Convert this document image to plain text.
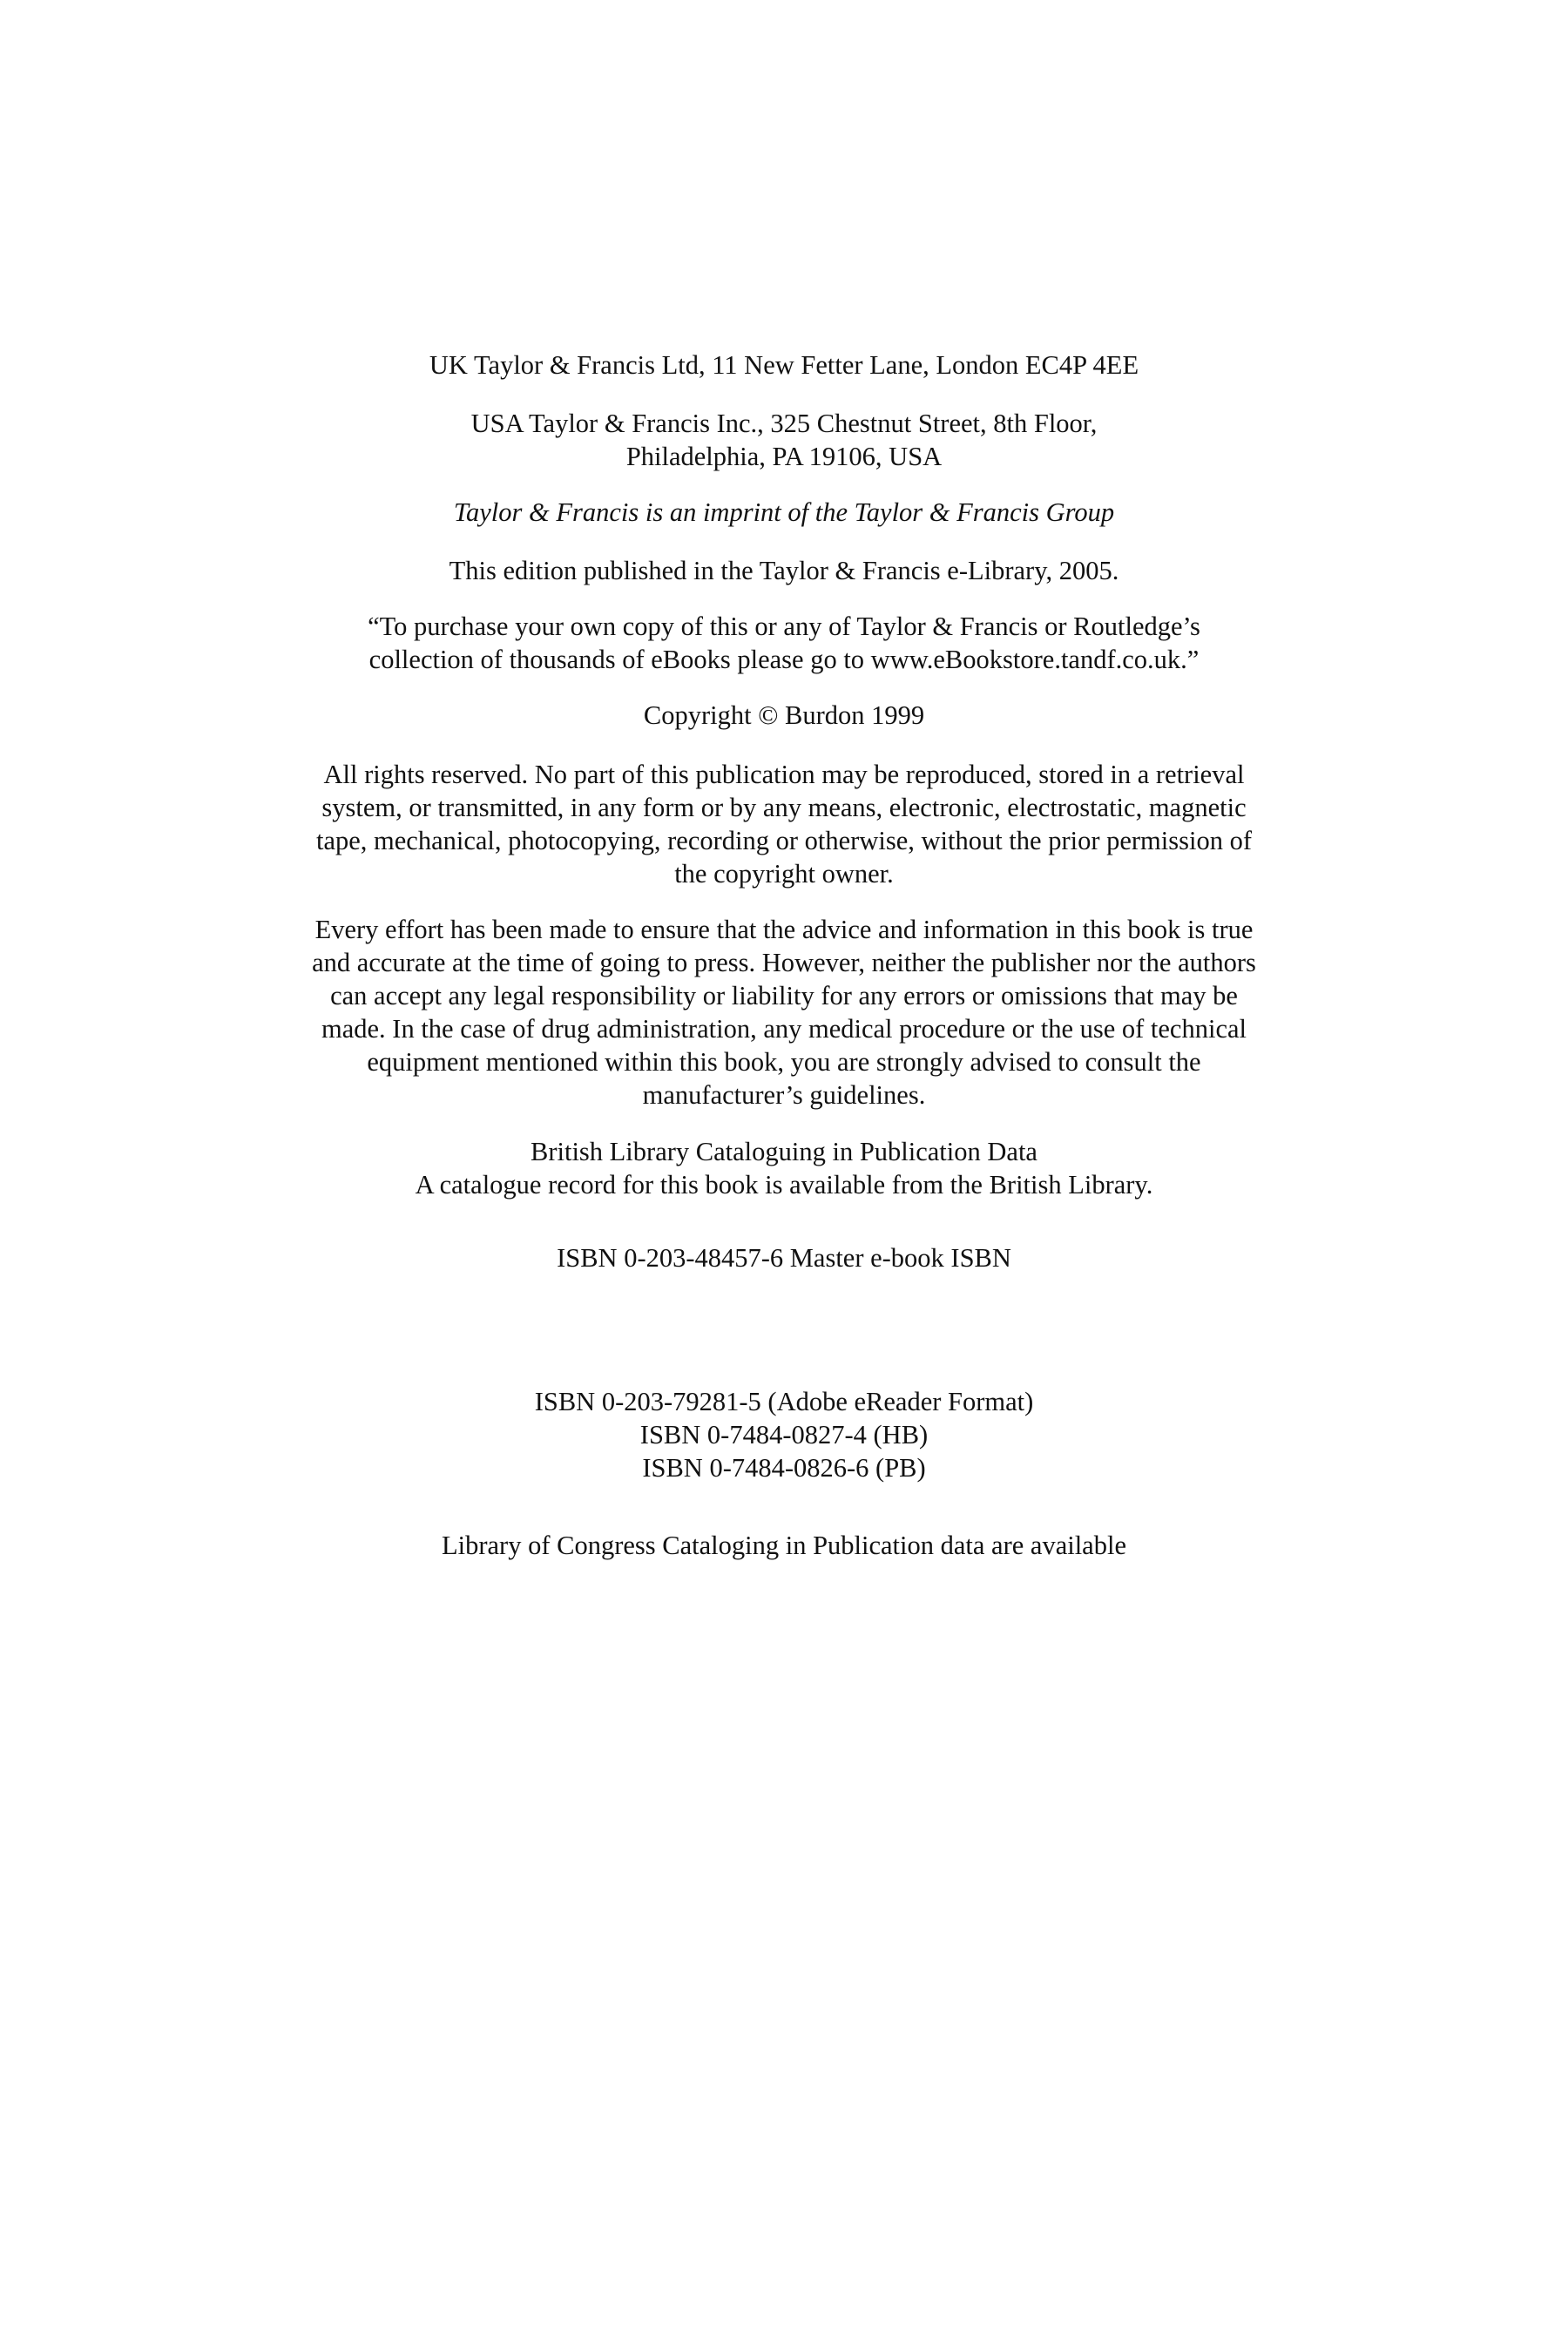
UK Taylor & Francis Ltd, 11 New Fetter Lane, London EC4P 4EE
USA Taylor & Francis Inc., 325 Chestnut Street, 8th Floor,
Philadelphia, PA 19106, USA
Taylor & Francis is an imprint of the Taylor & Francis Group
This edition published in the Taylor & Francis e-Library, 2005.
“To purchase your own copy of this or any of Taylor & Francis or Routledge’s
collection of thousands of eBooks please go to www.eBookstore.tandf.co.uk.”
Copyright © Burdon 1999
All rights reserved. No part of this publication may be reproduced, stored in a retrieval
system, or transmitted, in any form or by any means, electronic, electrostatic, magnetic
tape, mechanical, photocopying, recording or otherwise, without the prior permission of
the copyright owner.
Every effort has been made to ensure that the advice and information in this book is true
and accurate at the time of going to press. However, neither the publisher nor the authors
can accept any legal responsibility or liability for any errors or omissions that may be
made. In the case of drug administration, any medical procedure or the use of technical
equipment mentioned within this book, you are strongly advised to consult the
manufacturer’s guidelines.
British Library Cataloguing in Publication Data
A catalogue record for this book is available from the British Library.
ISBN 0-203-48457-6 Master e-book ISBN
ISBN 0-203-79281-5 (Adobe eReader Format)
ISBN 0-7484-0827-4 (HB)
ISBN 0-7484-0826-6 (PB)
Library of Congress Cataloging in Publication data are available
